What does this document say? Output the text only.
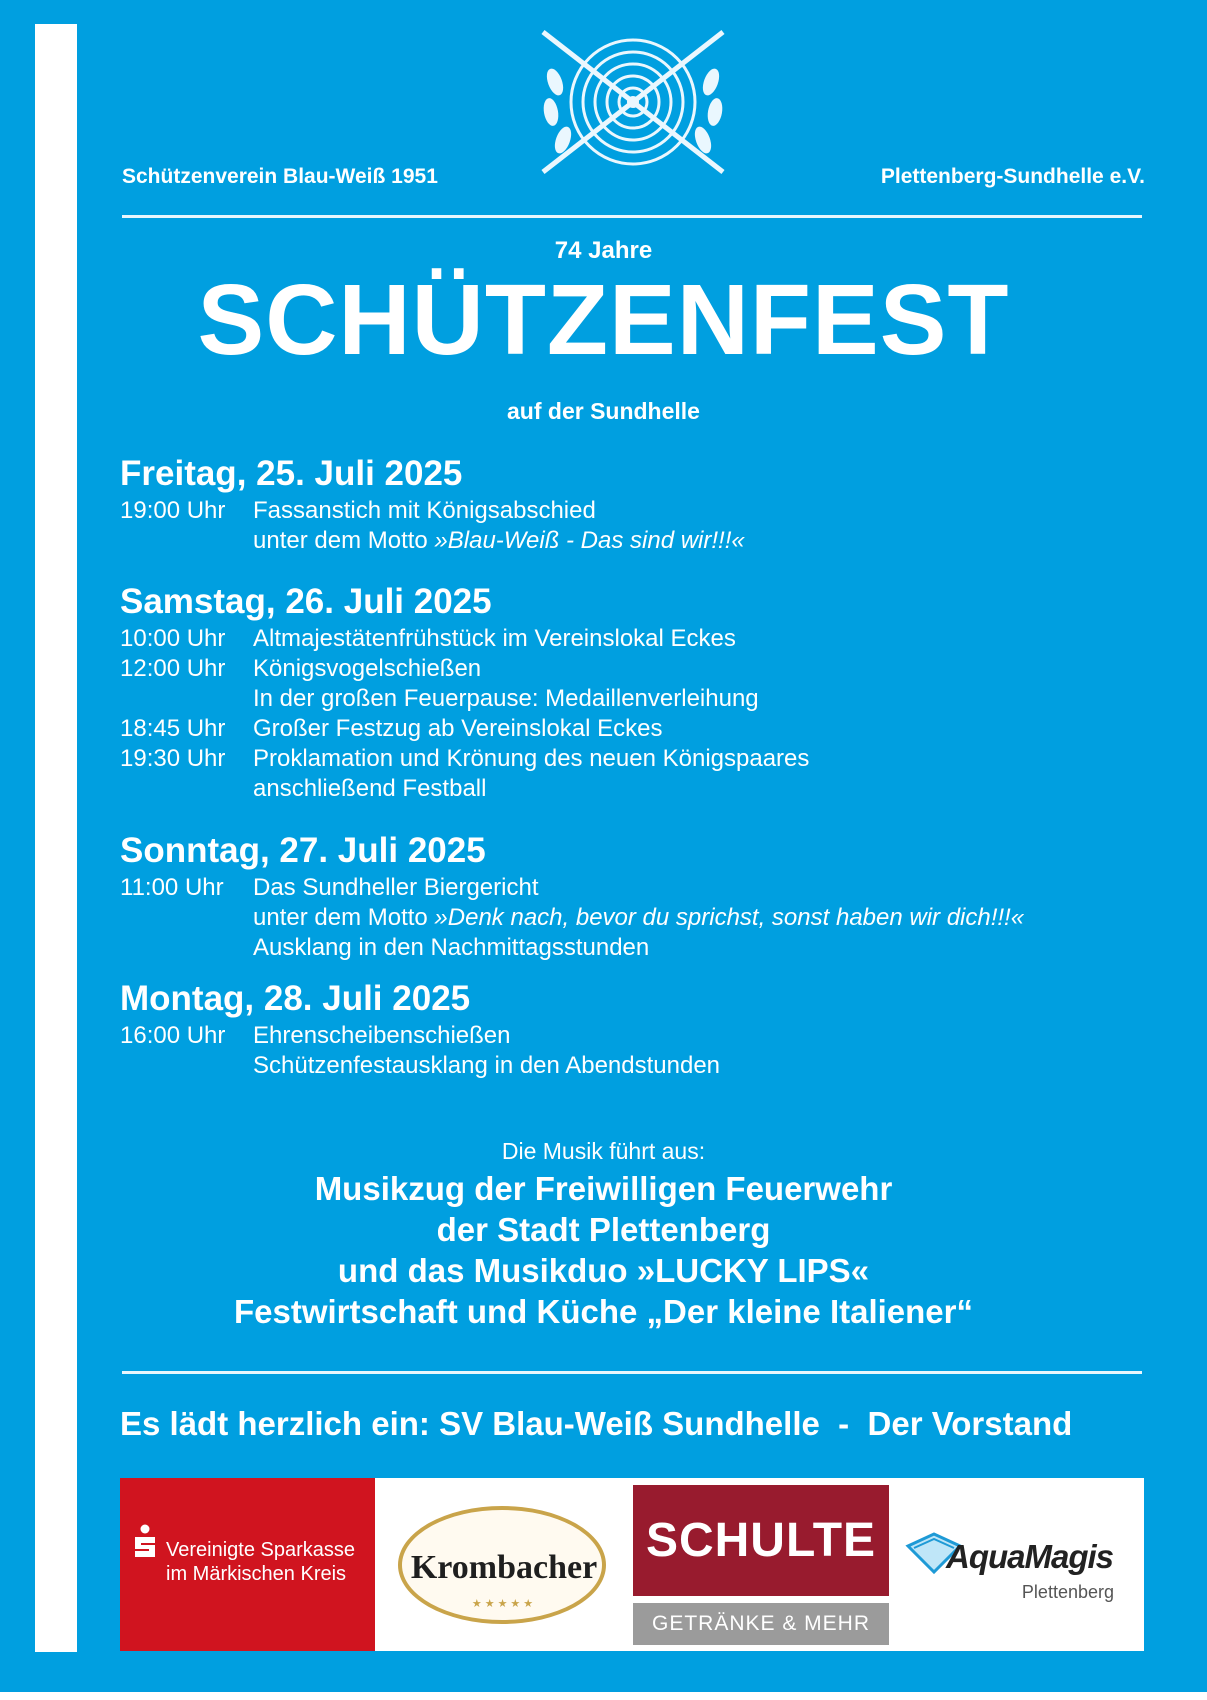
Schützenverein Blau-Weiß 1951	Plettenberg-Sundhelle e.V.
74 Jahre
SCHÜTZENFEST
auf der Sundhelle
Freitag, 25. Juli 2025
19:00 Uhr	Fassanstich mit Königsabschied
unter dem Motto »Blau-Weiß - Das sind wir!!!«
Samstag, 26. Juli 2025
10:00 Uhr	Altmajestätenfrühstück im Vereinslokal Eckes
12:00 Uhr	Königsvogelschießen
In der großen Feuerpause: Medaillenverleihung
18:45 Uhr	Großer Festzug ab Vereinslokal Eckes
19:30 Uhr	Proklamation und Krönung des neuen Königspaares
anschließend Festball
Sonntag, 27. Juli 2025
11:00 Uhr	Das Sundheller Biergericht
unter dem Motto »Denk nach, bevor du sprichst, sonst haben wir dich!!!«
Ausklang in den Nachmittagsstunden
Montag, 28. Juli 2025
16:00 Uhr	Ehrenscheibenschießen
Schützenfestausklang in den Abendstunden
Die Musik führt aus:
Musikzug der Freiwilligen Feuerwehr
der Stadt Plettenberg
und das Musikduo »LUCKY LIPS«
Festwirtschaft und Küche „Der kleine Italiener“
Es lädt herzlich ein: SV Blau-Weiß Sundhelle  -  Der Vorstand
Vereinigte Sparkasse
im Märkischen Kreis	Krombacher
★★★★★
SCHULTE
GETRÄNKE & MEHR
AquaMagis
Plettenberg
